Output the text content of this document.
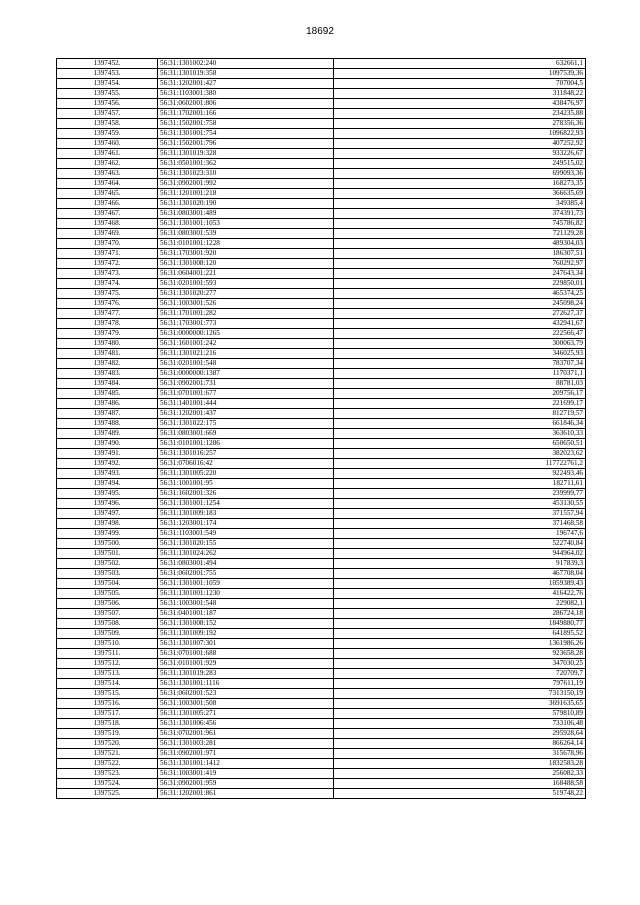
18692
1397452.	56:31:1301002:240	632661,1
1397453.	56:31:1301019:358	1097539,36
1397454.	56:31:1202001:427	707004,5
1397455.	56:31:1103001:380	311848,22
1397456.	56:31:0602001:806	438476,97
1397457.	56:31:1702001:166	234235,88
1397458.	56:31:1502001:758	278356,36
1397459.	56:31:1301001:754	1096822,93
1397460.	56:31:1502001:796	407252,92
1397461.	56:31:1301019:328	933226,67
1397462.	56:31:0501001:362	249515,02
1397463.	56:31:1301023:310	699093,36
1397464.	56:31:0902001:992	168273,35
1397465.	56:31:1201001:218	366635,69
1397466.	56:31:1301020:190	349385,4
1397467.	56:31:0803001:489	374391,73
1397468.	56:31:1301001:1053	745786,82
1397469.	56:31:0803001:539	721129,28
1397470.	56:31:0101001:1228	489304,03
1397471.	56:31:1703001:920	186307,51
1397472.	56:31:1301008:120	760292,97
1397473.	56:31:0604001:221	247643,34
1397474.	56:31:0201001:593	229850,01
1397475.	56:31:1301020:277	465374,25
1397476.	56:31:1003001:526	245098,24
1397477.	56:31:1701001:282	272627,37
1397478.	56:31:1703001:773	432941,67
1397479.	56:31:0000000:1265	222566,47
1397480.	56:31:1601001:242	300063,79
1397481.	56:31:1301021:216	346025,93
1397482.	56:31:0201001:548	783707,34
1397483.	56:31:0000000:1387	1170371,1
1397484.	56:31:0902001:731	88781,03
1397485.	56:31:0701001:677	209756,17
1397486.	56:31:1401001:444	221699,17
1397487.	56:31:1202001:437	812719,57
1397488.	56:31:1301022:175	661846,34
1397489.	56:31:0803001:669	363610,33
1397490.	56:31:0101001:1286	650650,51
1397491.	56:31:1301016:257	382023,62
1397492.	56:31:0706016:42	117722761,2
1397493.	56:31:1301005:220	922493,46
1397494.	56:31:1001001:95	182711,61
1397495.	56:31:1602001:326	239999,77
1397496.	56:31:1301001:1254	453130,55
1397497.	56:31:1301009:183	371557,94
1397498.	56:31:1203001:174	371468,58
1397499.	56:31:1103001:549	196747,6
1397500.	56:31:1301020:155	522740,84
1397501.	56:31:1301024:262	944964,02
1397502.	56:31:0803001:494	917839,3
1397503.	56:31:0602001:755	467708,04
1397504.	56:31:1301001:1059	1059389,43
1397505.	56:31:1301001:1230	416422,76
1397506.	56:31:1003001:548	229082,1
1397507.	56:31:0401001:187	286724,18
1397508.	56:31:1301008:152	1849880,77
1397509.	56:31:1301009:192	641895,52
1397510.	56:31:1301007:301	1361986,26
1397511.	56:31:0701001:688	923658,28
1397512.	56:31:0101001:929	347030,25
1397513.	56:31:1301019:283	720709,7
1397514.	56:31:1301001:1116	797611,19
1397515.	56:31:0602001:523	7313150,19
1397516.	56:31:1003001:508	3691635,65
1397517.	56:31:1301005:271	579810,89
1397518.	56:31:1301006:456	733106,48
1397519.	56:31:0702001:961	295928,64
1397520.	56:31:1301003:281	866264,14
1397521.	56:31:0902001:971	315678,96
1397522.	56:31:1301001:1412	1832583,28
1397523.	56:31:1003001:419	256082,33
1397524.	56:31:0902001:959	168488,58
1397525.	56:31:1202001:861	519748,22
